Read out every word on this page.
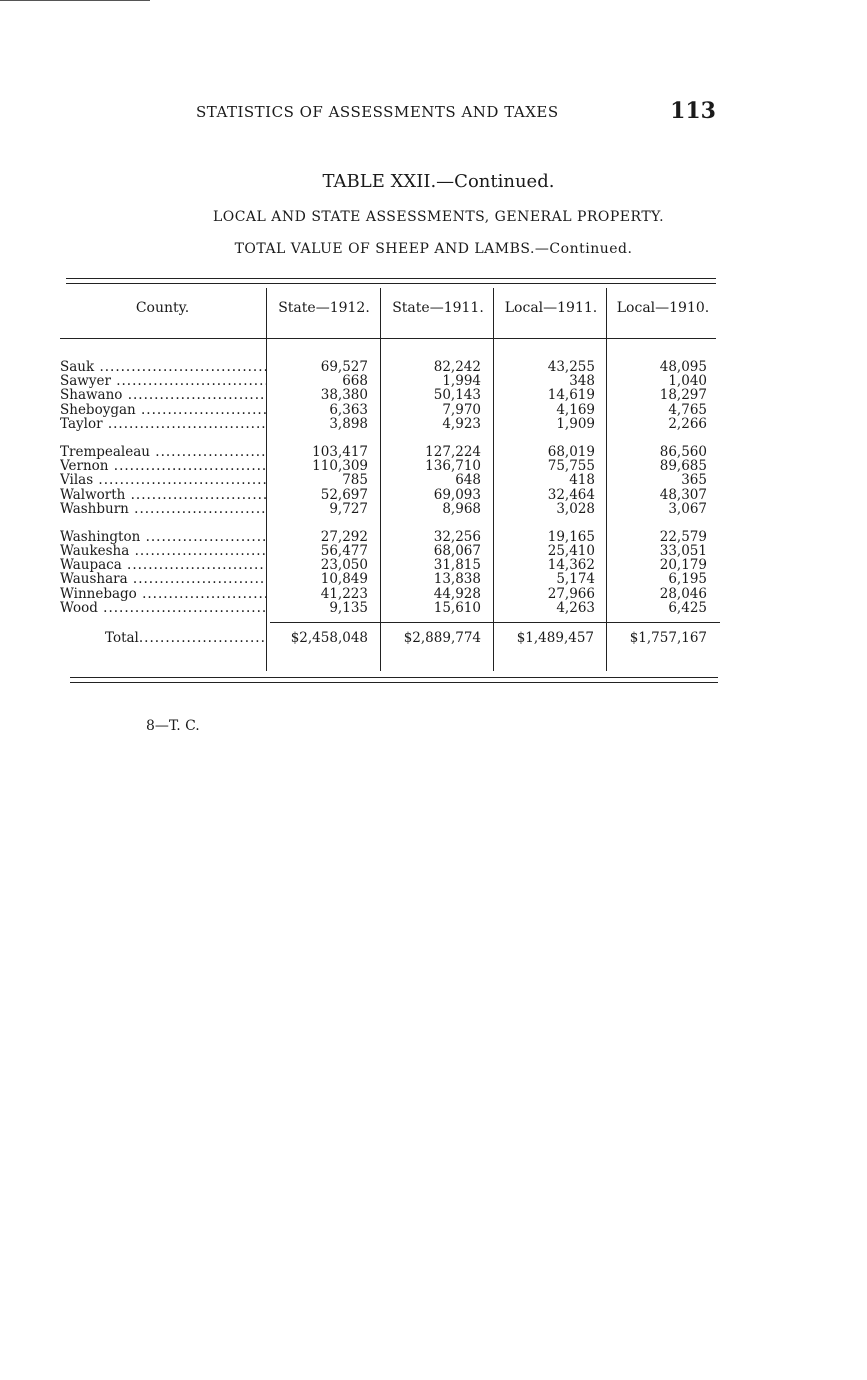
STATISTICS OF ASSESSMENTS AND TAXES	113
TABLE XXII.—Continued.
LOCAL AND STATE ASSESSMENTS, GENERAL PROPERTY.
TOTAL VALUE OF SHEEP AND LAMBS.—Continued.
County.	State—1912.	State—1911.	Local—1911.	Local—1910.
Sauk .....	69,527	82,242	43,255	48,095
Sawyer .....	668	1,994	348	1,040
Shawano .....	38,380	50,143	14,619	18,297
Sheboygan .....	6,363	7,970	4,169	4,765
Taylor .....	3,898	4,923	1,909	2,266
Trempealeau .....	103,417	127,224	68,019	86,560
Vernon .....	110,309	136,710	75,755	89,685
Vilas .....	785	648	418	365
Walworth .....	52,697	69,093	32,464	48,307
Washburn .....	9,727	8,968	3,028	3,067
Washington .....	27,292	32,256	19,165	22,579
Waukesha .....	56,477	68,067	25,410	33,051
Waupaca .....	23,050	31,815	14,362	20,179
Waushara .....	10,849	13,838	5,174	6,195
Winnebago .....	41,223	44,928	27,966	28,046
Wood .....	9,135	15,610	4,263	6,425
Total .....	$2,458,048	$2,889,774	$1,489,457	$1,757,167
8—T. C.
